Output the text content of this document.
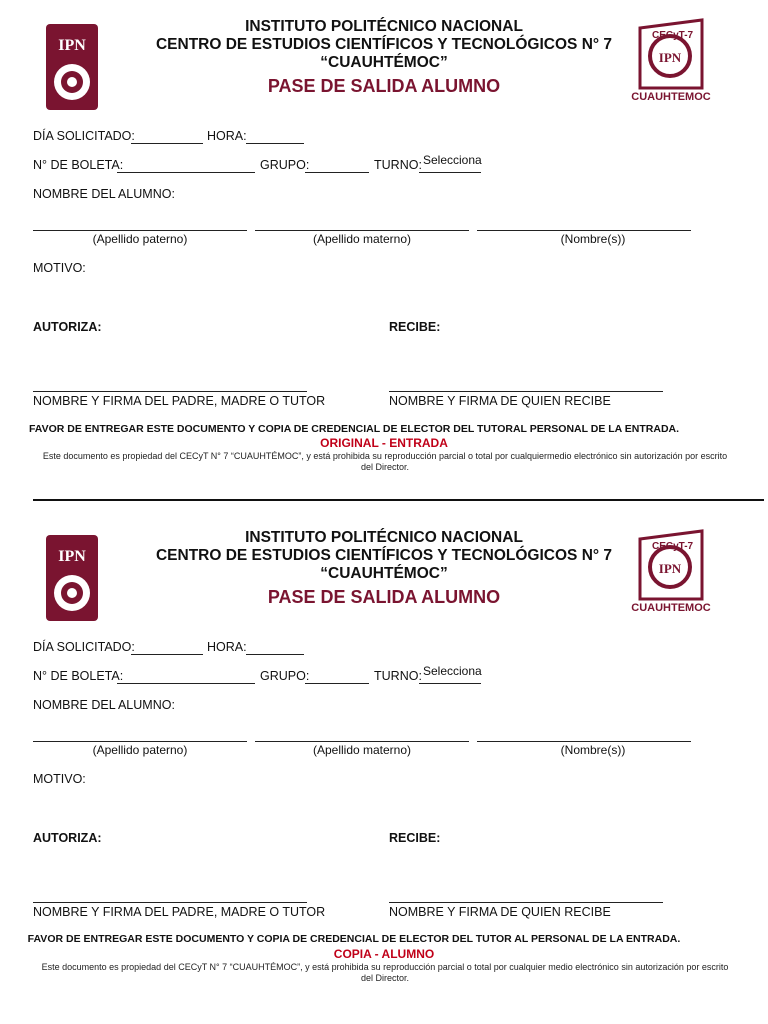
IPN
CECyT-7
IPN
CUAUHTEMOC
INSTITUTO POLITÉCNICO NACIONAL
CENTRO DE ESTUDIOS CIENTÍFICOS Y TECNOLÓGICOS N° 7
“CUAUHTÉMOC”
PASE DE SALIDA ALUMNO
DÍA SOLICITADO:	HORA:
N° DE BOLETA:	GRUPO:	TURNO: Selecciona
NOMBRE DEL ALUMNO:
(Apellido paterno)	(Apellido materno)	(Nombre(s))
MOTIVO:
AUTORIZA:	RECIBE:
NOMBRE Y FIRMA DEL PADRE, MADRE O TUTOR	NOMBRE Y FIRMA DE QUIEN RECIBE
FAVOR DE ENTREGAR ESTE DOCUMENTO Y COPIA DE CREDENCIAL DE ELECTOR DEL TUTORAL PERSONAL DE LA ENTRADA.
ORIGINAL - ENTRADA
Este documento es propiedad del CECyT N° 7 “CUAUHTÉMOC”, y está prohibida su reproducción parcial o total por cualquiermedio electrónico sin autorización por escrito del Director.
IPN
CECyT-7
IPN
CUAUHTEMOC
INSTITUTO POLITÉCNICO NACIONAL
CENTRO DE ESTUDIOS CIENTÍFICOS Y TECNOLÓGICOS N° 7
“CUAUHTÉMOC”
PASE DE SALIDA ALUMNO
DÍA SOLICITADO:	HORA:
N° DE BOLETA:	GRUPO:	TURNO: Selecciona
NOMBRE DEL ALUMNO:
(Apellido paterno)	(Apellido materno)	(Nombre(s))
MOTIVO:
AUTORIZA:	RECIBE:
NOMBRE Y FIRMA DEL PADRE, MADRE O TUTOR	NOMBRE Y FIRMA DE QUIEN RECIBE
FAVOR DE ENTREGAR ESTE DOCUMENTO Y COPIA DE CREDENCIAL DE ELECTOR DEL TUTOR AL PERSONAL DE LA ENTRADA.
COPIA - ALUMNO
Este documento es propiedad del CECyT N° 7 “CUAUHTÉMOC”, y está prohibida su reproducción parcial o total por cualquier medio electrónico sin autorización por escrito del Director.
